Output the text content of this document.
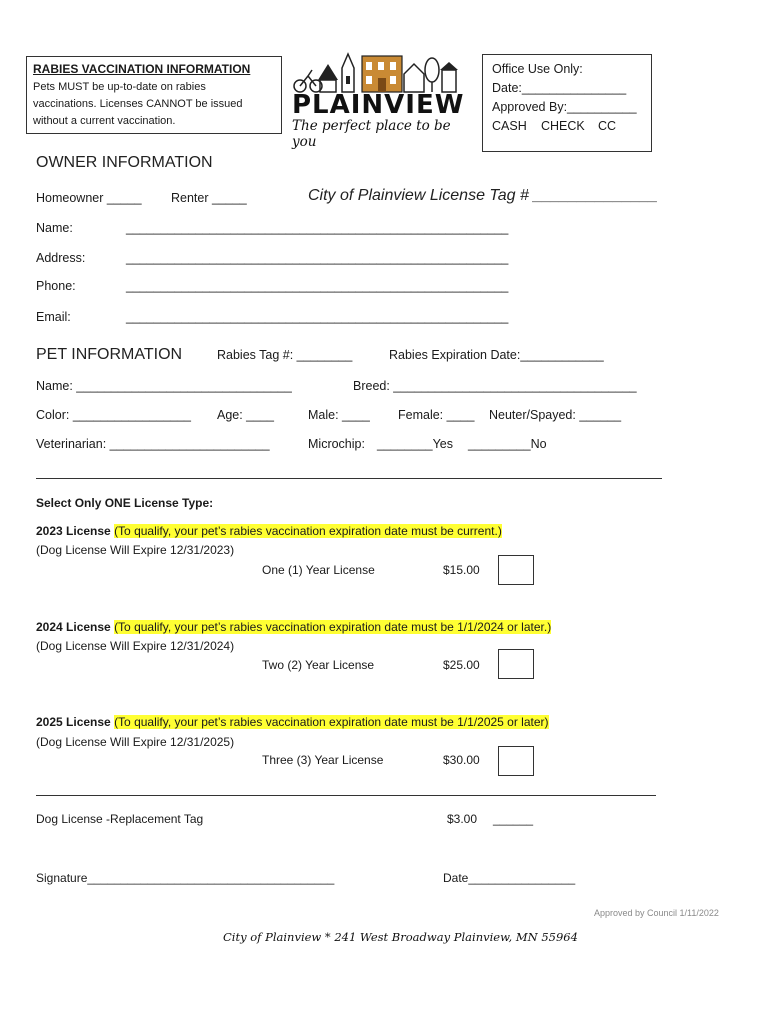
RABIES VACCINATION INFORMATION
Pets MUST be up-to-date on rabies
vaccinations. Licenses CANNOT be issued
without a current vaccination.
PLAINVIEW
The perfect place to be you
Office Use Only:
Date:_______________
Approved By:__________
CASH CHECK CC
OWNER INFORMATION
Homeowner _____ Renter _____	City of Plainview License Tag # ______________
Name:	_______________________________________________________
Address:	_______________________________________________________
Phone:	_______________________________________________________
Email:	_______________________________________________________
PET INFORMATION	Rabies Tag #: ________	Rabies Expiration Date:____________
Name: _______________________________	Breed: ___________________________________
Color: _________________ Age: ____	Male: ____ Female: ____ Neuter/Spayed: ______
Veterinarian: _______________________	Microchip: ________Yes _________No
Select Only ONE License Type:
2023 License (To qualify, your pet’s rabies vaccination expiration date must be current.)
(Dog License Will Expire 12/31/2023)
One (1) Year License	$15.00
2024 License (To qualify, your pet’s rabies vaccination expiration date must be 1/1/2024 or later.)
(Dog License Will Expire 12/31/2024)
Two (2) Year License	$25.00
2025 License (To qualify, your pet’s rabies vaccination expiration date must be 1/1/2025 or later)
(Dog License Will Expire 12/31/2025)
Three (3) Year License	$30.00
Dog License -Replacement Tag	$3.00 ______
Signature_____________________________________	Date________________
Approved by Council 1/11/2022
City of Plainview * 241 West Broadway Plainview, MN 55964
